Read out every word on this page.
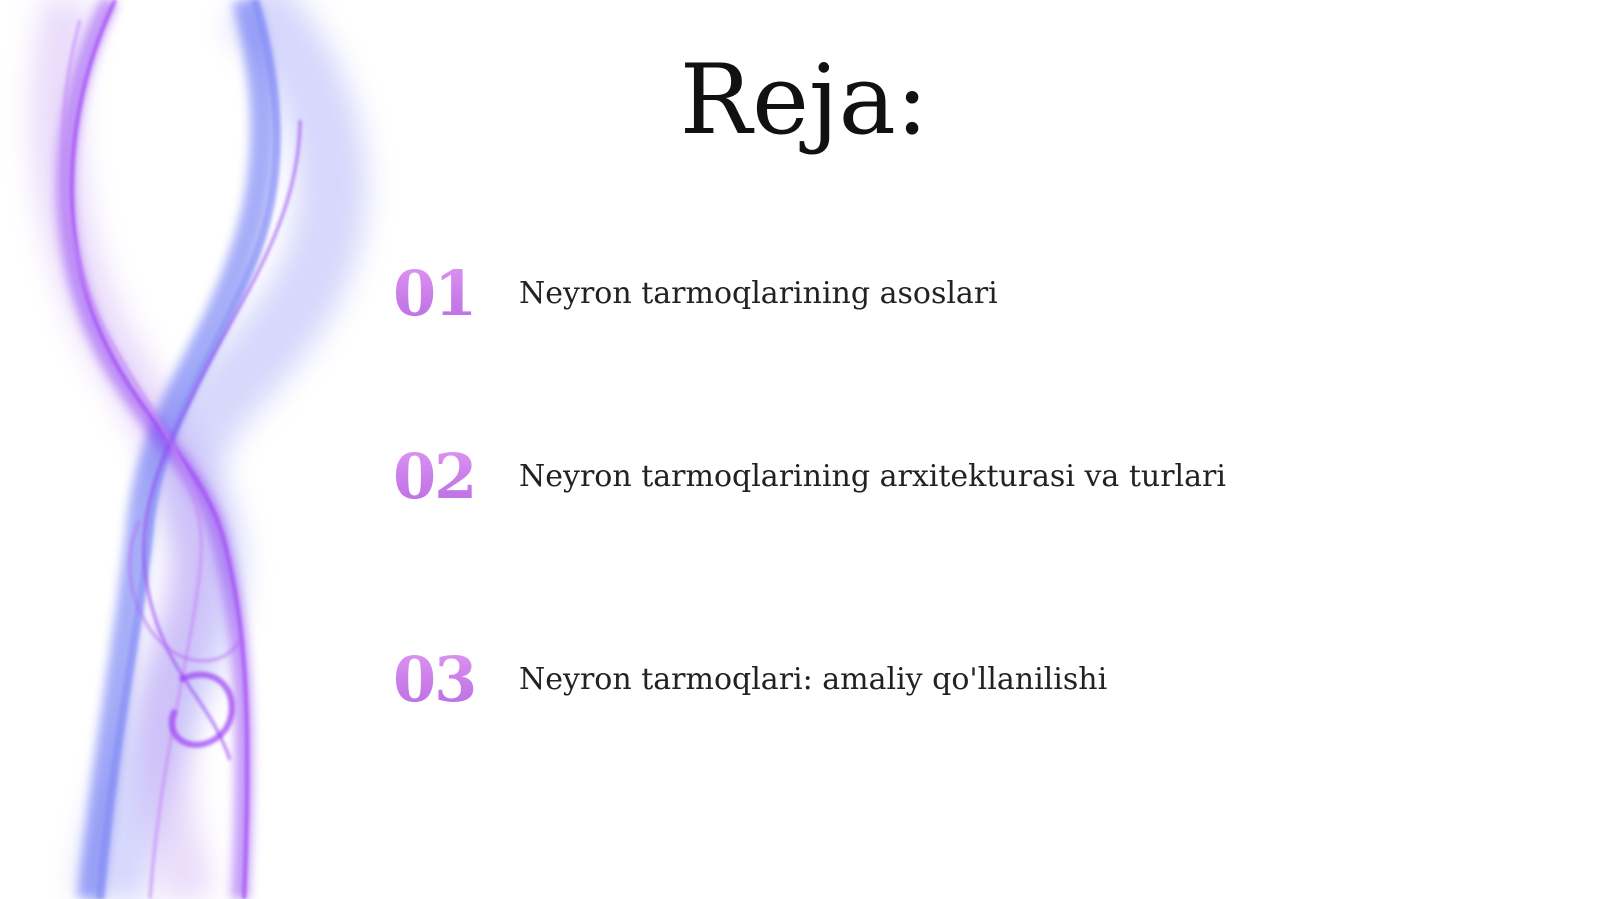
Reja:
01 Neyron tarmoqlarining asoslari
02 Neyron tarmoqlarining arxitekturasi va turlari
03 Neyron tarmoqlari: amaliy qo'llanilishi
